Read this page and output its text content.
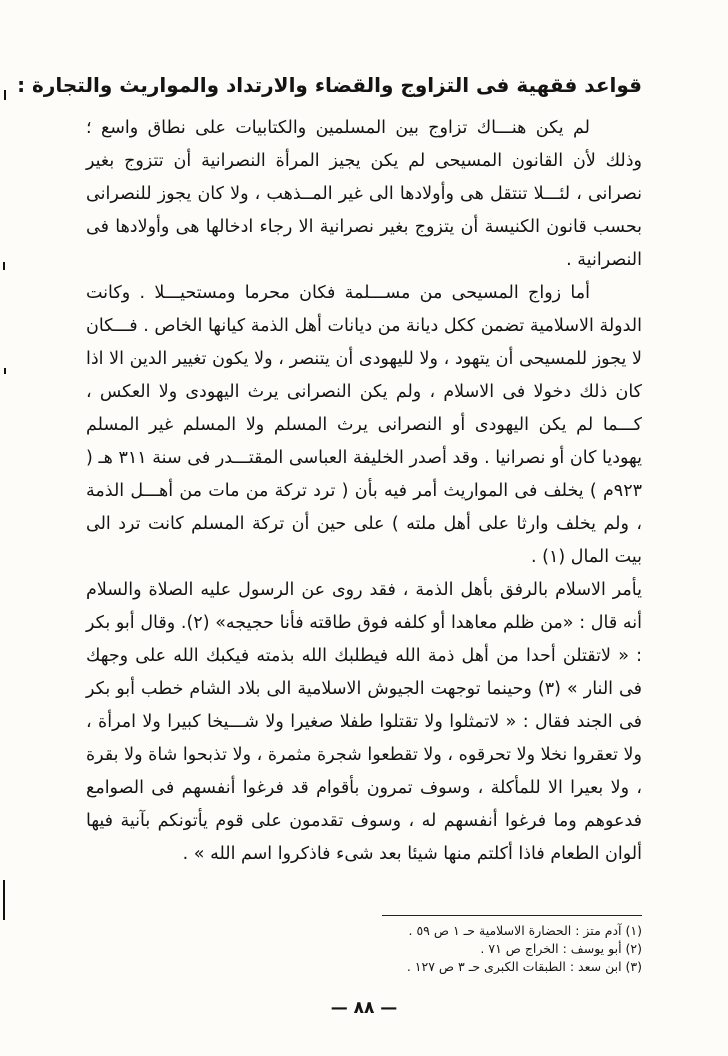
قواعد فقهية فى التزاوج والقضاء والارتداد والمواريث والتجارة :

لم يكن هنـــاك تزاوج بين المسلمين والكتابيات على نطاق واسع ؛ وذلك لأن القانون المسيحى لم يكن يجيز المرأة النصرانية أن تتزوج بغير نصرانى ، لئـــلا تنتقل هى وأولادها الى غير المــذهب ، ولا كان يجوز للنصرانى بحسب قانون الكنيسة أن يتزوج بغير نصرانية الا رجاء ادخالها هى وأولادها فى النصرانية .

أما زواج المسيحى من مســـلمة فكان محرما ومستحيـــلا . وكانت الدولة الاسلامية تضمن ككل ديانة من ديانات أهل الذمة كيانها الخاص . فـــكان لا يجوز للمسيحى أن يتهود ، ولا لليهودى أن يتنصر ، ولا يكون تغيير الدين الا اذا كان ذلك دخولا فى الاسلام ، ولم يكن النصرانى يرث اليهودى ولا العكس ، كـــما لم يكن اليهودى أو النصرانى يرث المسلم ولا المسلم غير المسلم يهوديا كان أو نصرانيا . وقد أصدر الخليفة العباسى المقتـــدر فى سنة ٣١١ هـ ( ٩٢٣م ) يخلف فى المواريث أمر فيه بأن ( ترد تركة من مات من أهـــل الذمة ، ولم يخلف وارثا على أهل ملته ) على حين أن تركة المسلم كانت ترد الى بيت المال (١) .

يأمر الاسلام بالرفق بأهل الذمة ، فقد روى عن الرسول عليه الصلاة والسلام أنه قال : «من ظلم معاهدا أو كلفه فوق طاقته فأنا حجيجه» (٢). وقال أبو بكر : « لاتقتلن أحدا من أهل ذمة الله فيطلبك الله بذمته فيكبك الله على وجهك فى النار » (٣) وحينما توجهت الجيوش الاسلامية الى بلاد الشام خطب أبو بكر فى الجند فقال : « لاتمثلوا ولا تقتلوا طفلا صغيرا ولا شـــيخا كبيرا ولا امرأة ، ولا تعقروا نخلا ولا تحرقوه ، ولا تقطعوا شجرة مثمرة ، ولا تذبحوا شاة ولا بقرة ، ولا بعيرا الا للمأكلة ، وسوف تمرون بأقوام قد فرغوا أنفسهم فى الصوامع فدعوهم وما فرغوا أنفسهم له ، وسوف تقدمون على قوم يأتونكم بآنية فيها ألوان الطعام فاذا أكلتم منها شيئا بعد شىء فاذكروا اسم الله » .

(١) آدم متز : الحضارة الاسلامية حـ ١ ص ٥٩ .
(٢) أبو يوسف : الخراج ص ٧١ .
(٣) ابن سعد : الطبقات الكبرى حـ ٣ ص ١٢٧ .
— ٨٨ —
